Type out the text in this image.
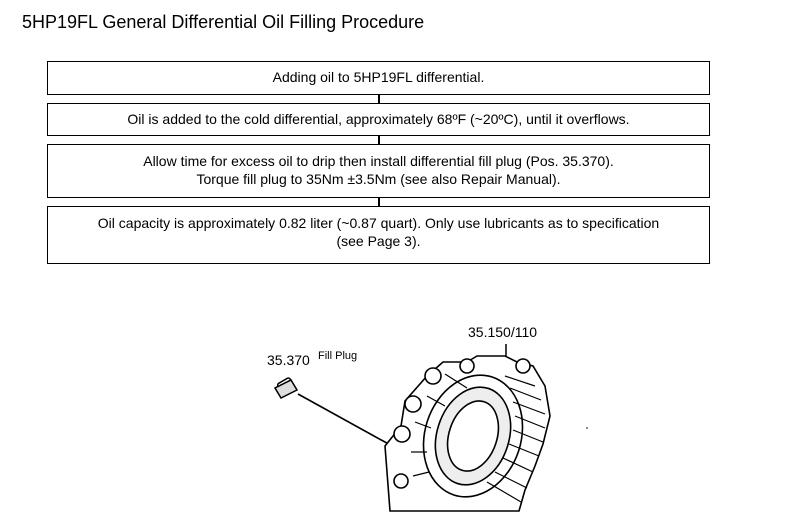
5HP19FL General Differential Oil Filling Procedure
Adding oil to 5HP19FL differential.
Oil is added to the cold differential, approximately 68ºF (~20ºC), until it overflows.
Allow time for excess oil to drip then install differential fill plug (Pos. 35.370).
Torque fill plug to 35Nm ±3.5Nm (see also Repair Manual).
Oil capacity is approximately 0.82 liter (~0.87 quart). Only use lubricants as to specification
(see Page 3).
35.370 Fill Plug
35.150/110
